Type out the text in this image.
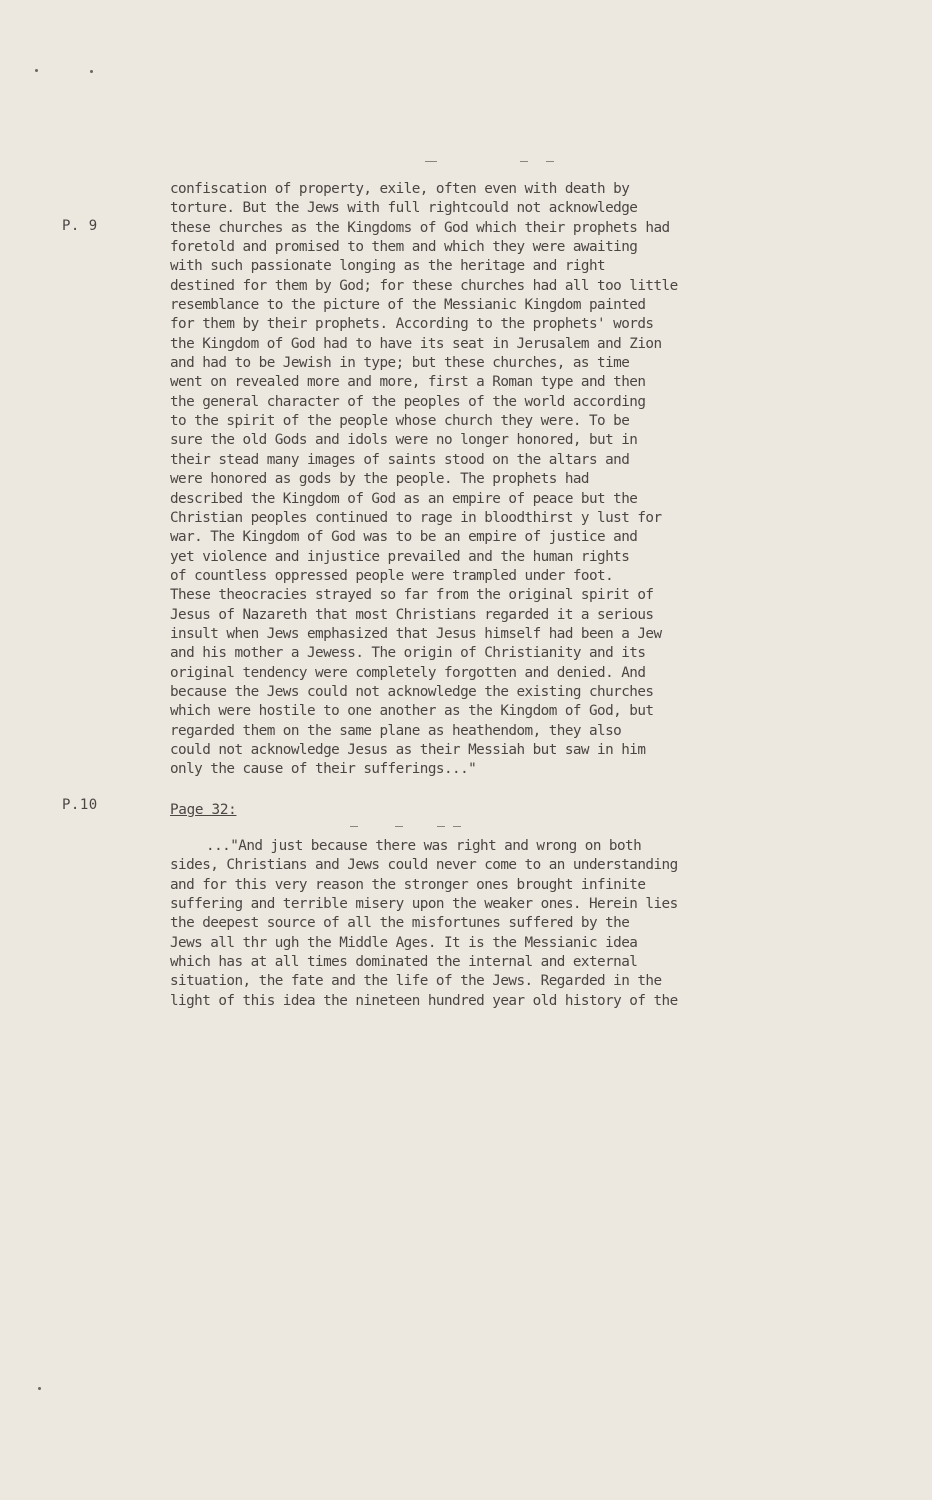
P. 9
P.10
confiscation of property, exile, often even with death by
torture. But the Jews with full rightcould not acknowledge
these churches as the Kingdoms of God which their prophets had
foretold and promised to them and which they were awaiting
with such passionate longing as the heritage and right
destined for them by God; for these churches had all too little
resemblance to the picture of the Messianic Kingdom painted
for them by their prophets. According to the prophets' words
the Kingdom of God had to have its seat in Jerusalem and Zion
and had to be Jewish in type; but these churches, as time
went on revealed more and more, first a Roman type and then
the general character of the peoples of the world according
to the spirit of the people whose church they were. To be
sure the old Gods and idols were no longer honored, but in
their stead many images of saints stood on the altars and
were honored as gods by the people. The prophets had
described the Kingdom of God as an empire of peace but the
Christian peoples continued to rage in bloodthirst y lust for
war. The Kingdom of God was to be an empire of justice and
yet violence and injustice prevailed and the human rights
of countless oppressed people were trampled under foot.
These theocracies strayed so far from the original spirit of
Jesus of Nazareth that most Christians regarded it a serious
insult when Jews emphasized that Jesus himself had been a Jew
and his mother a Jewess. The origin of Christianity and its
original tendency were completely forgotten and denied. And
because the Jews could not acknowledge the existing churches
which were hostile to one another as the Kingdom of God, but
regarded them on the same plane as heathendom, they also
could not acknowledge Jesus as their Messiah but saw in him
only the cause of their sufferings..."
Page 32:
..."And just because there was right and wrong on both
sides, Christians and Jews could never come to an understanding
and for this very reason the stronger ones brought infinite
suffering and terrible misery upon the weaker ones. Herein lies
the deepest source of all the misfortunes suffered by the
Jews all thr ugh the Middle Ages. It is the Messianic idea
which has at all times dominated the internal and external
situation, the fate and the life of the Jews. Regarded in the
light of this idea the nineteen hundred year old history of the
